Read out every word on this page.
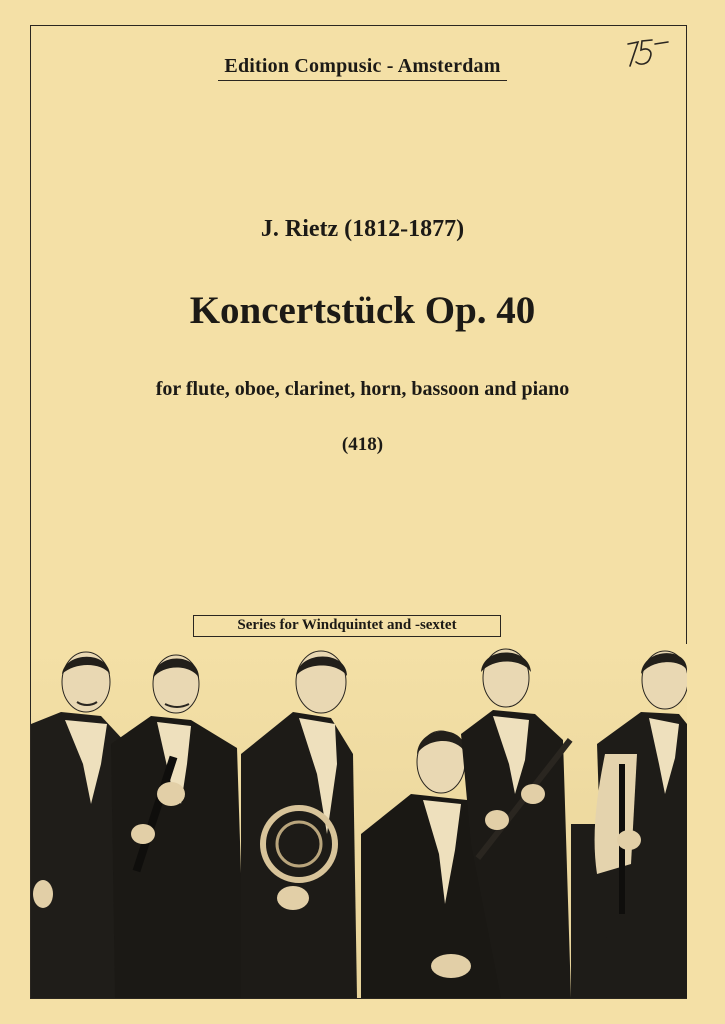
Edition Compusic - Amsterdam
J. Rietz (1812-1877)
Koncertstück Op. 40
for flute, oboe, clarinet, horn, bassoon and piano
(418)
Series for Windquintet and -sextet
